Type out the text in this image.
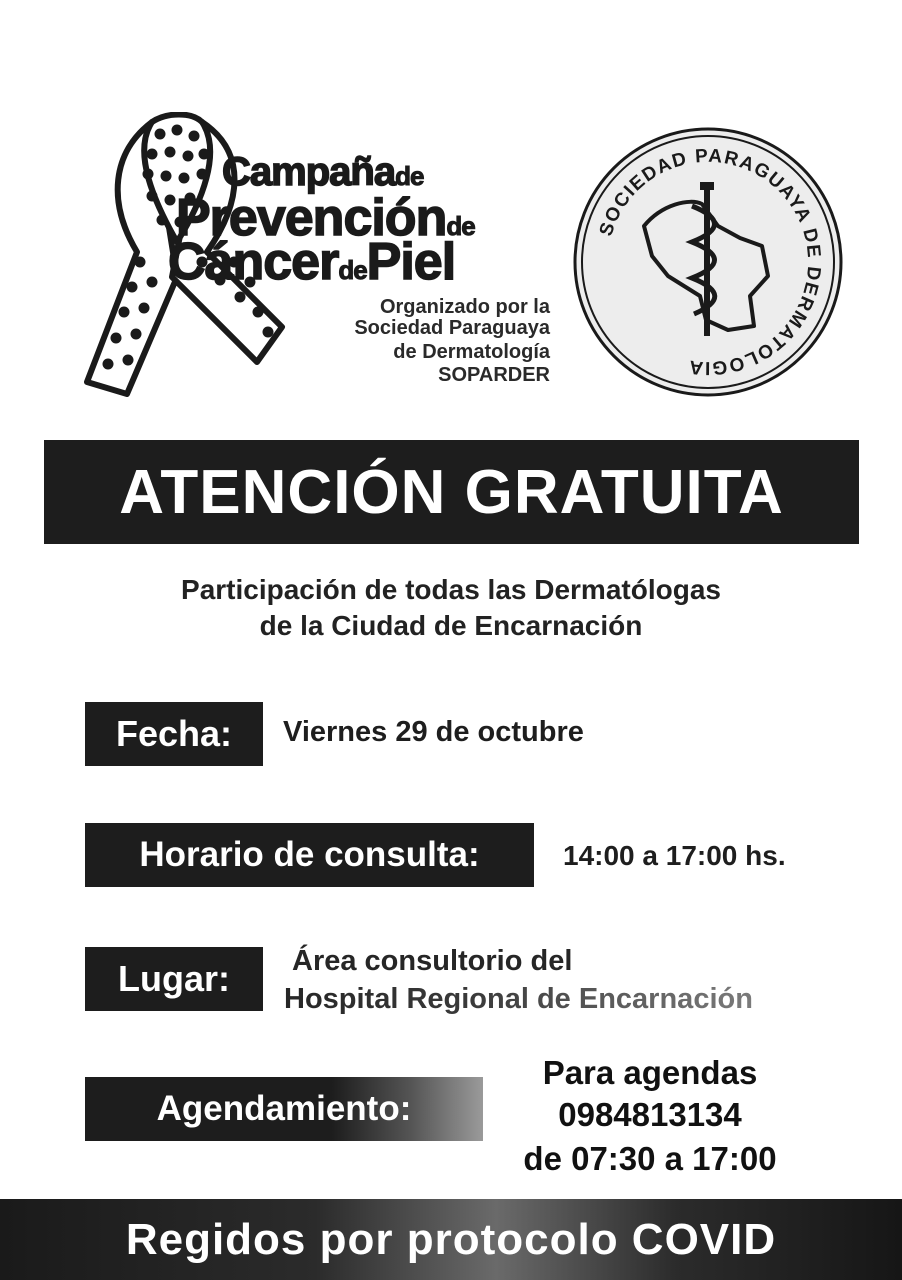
Campañade
Prevenciónde
CáncerdePiel
Organizado por la
Sociedad Paraguaya
de Dermatología
SOPARDER
SOCIEDAD PARAGUAYA DE DERMATOLOGIA
ATENCIÓN GRATUITA
Participación de todas las Dermatólogas
de la Ciudad de Encarnación
Fecha:	Viernes 29 de octubre
Horario de consulta:	14:00 a 17:00 hs.
Lugar:	Área consultorio del
Hospital Regional de Encarnación
Agendamiento:
Para agendas
0984813134
de 07:30 a 17:00
Regidos por protocolo COVID
